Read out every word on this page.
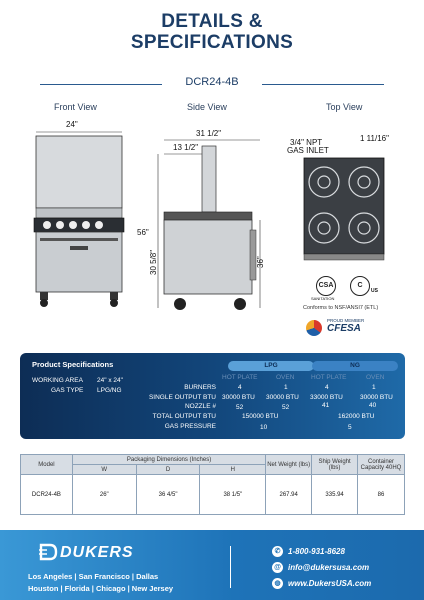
DETAILS &
SPECIFICATIONS
DCR24-4B
Front View	Side View	Top View
24"
31 1/2"
13 1/2"
56"
30 5/8"	36"
3/4" NPT
GAS INLET
1 11/16"
CSA
SANITATION
C
US
Conforms to NSF/ANSI7 (ETL)
PROUD MEMBER
CFESA
Product Specifications	LPG	NG
WORKING AREA 24" x 24"
GAS TYPE LPG/NG
HOT PLATE	OVEN	HOT PLATE	OVEN
BURNERS	4	1	4	1
SINGLE OUTPUT BTU 30000 BTU 30000 BTU 33000 BTU	30000 BTU
NOZZLE #	52	52	41	40
TOTAL OUTPUT BTU	150000 BTU	162000 BTU
GAS PRESSURE	10	5
Model	Packaging Dimensions (Inches)			Net Weight (lbs)	Ship Weight (lbs)	Container Capacity 40HQ
	W	D	H			
DCR24-4B	26"	36 4/5"	38 1/5"	267.94	335.94	86
DUKERS
Los Angeles | San Francisco | Dallas
Houston | Florida | Chicago | New Jersey
✆ 1-800-931-8628
@ info@dukersusa.com
◍ www.DukersUSA.com
